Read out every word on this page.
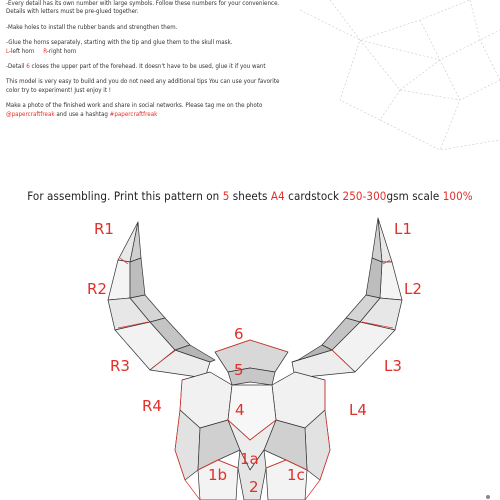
-Every detail has its own number with large symbols. Follow these numbers for your convenience.

Details with letters must be pre-glued together.

-Make holes to install the rubber bands and strengthen them.

-Glue the horns separately, starting with the tip and glue them to the skull mask.

L-left horn R-right horn

-Detail 6 closes the upper part of the forehead. It doesn't have to be used, glue it if you want

This model is very easy to build and you do not need any additional tips You can use your favorite

color try to experiment! Just enjoy it !

Make a photo of the finished work and share in social networks. Please tag me on the photo

@papercraftfreak and use a hashtag #papercraftfreak

For assembling. Print this pattern on 5 sheets A4 cardstock 250-300gsm scale 100%
R1
R2
R3
R4
L1
L2
L3
L4
6
5
4
1a
1b	1c
2
